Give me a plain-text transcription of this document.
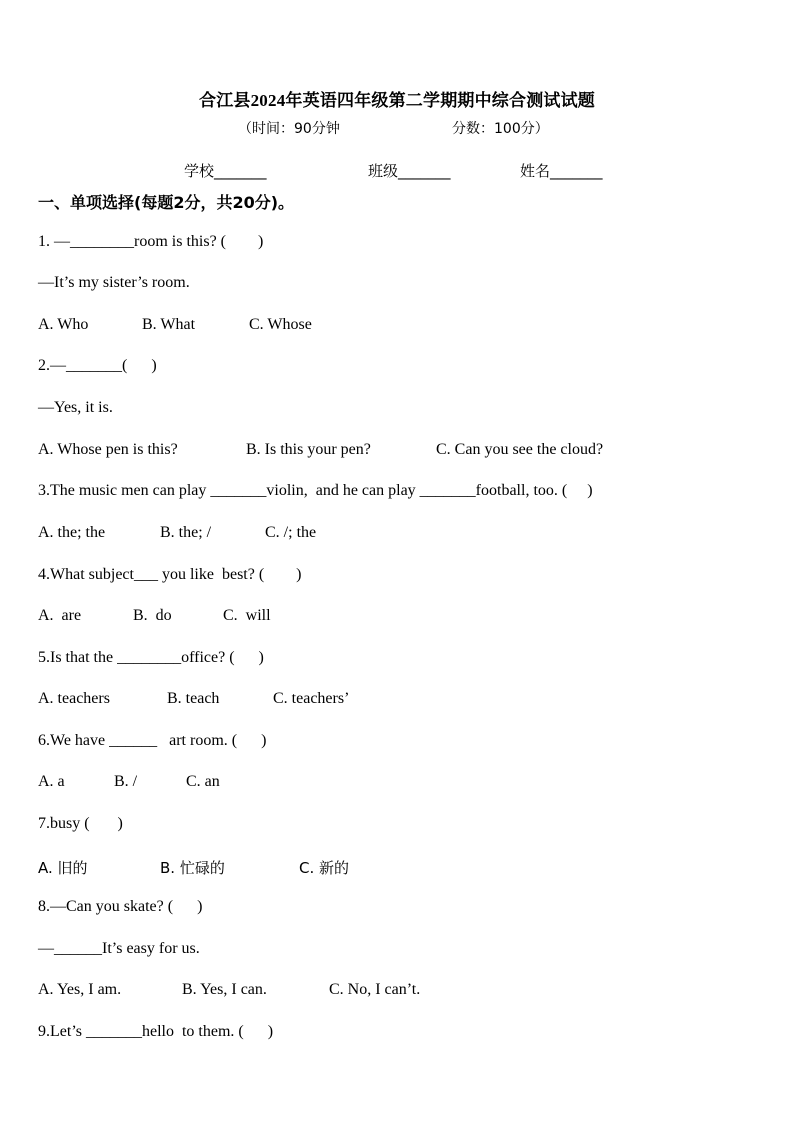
合江县2024年英语四年级第二学期期中综合测试试题
（时间：90分钟	分数：100分）
学校_______	班级_______	姓名_______
一、单项选择(每题2分，共20分)。
1. —________room is this? (        )
—It’s my sister’s room.
A. Who	B. What	C. Whose
2.—_______(      )
—Yes, it is.
A. Whose pen is this?	B. Is this your pen?	C. Can you see the cloud?
3.The music men can play _______violin,  and he can play _______football, too. (     )
A. the; the	B. the; /	C. /; the
4.What subject___ you like  best? (        )
A.  are	B.  do	C.  will
5.Is that the ________office? (      )
A. teachers	B. teach	C. teachers’
6.We have ______   art room. (      )
A. a	B. /	C. an
7.busy (       )
A. 旧的	B. 忙碌的	C. 新的
8.—Can you skate? (      )
—______It’s easy for us.
A. Yes, I am.	B. Yes, I can.	C. No, I can’t.
9.Let’s _______hello  to them. (      )
